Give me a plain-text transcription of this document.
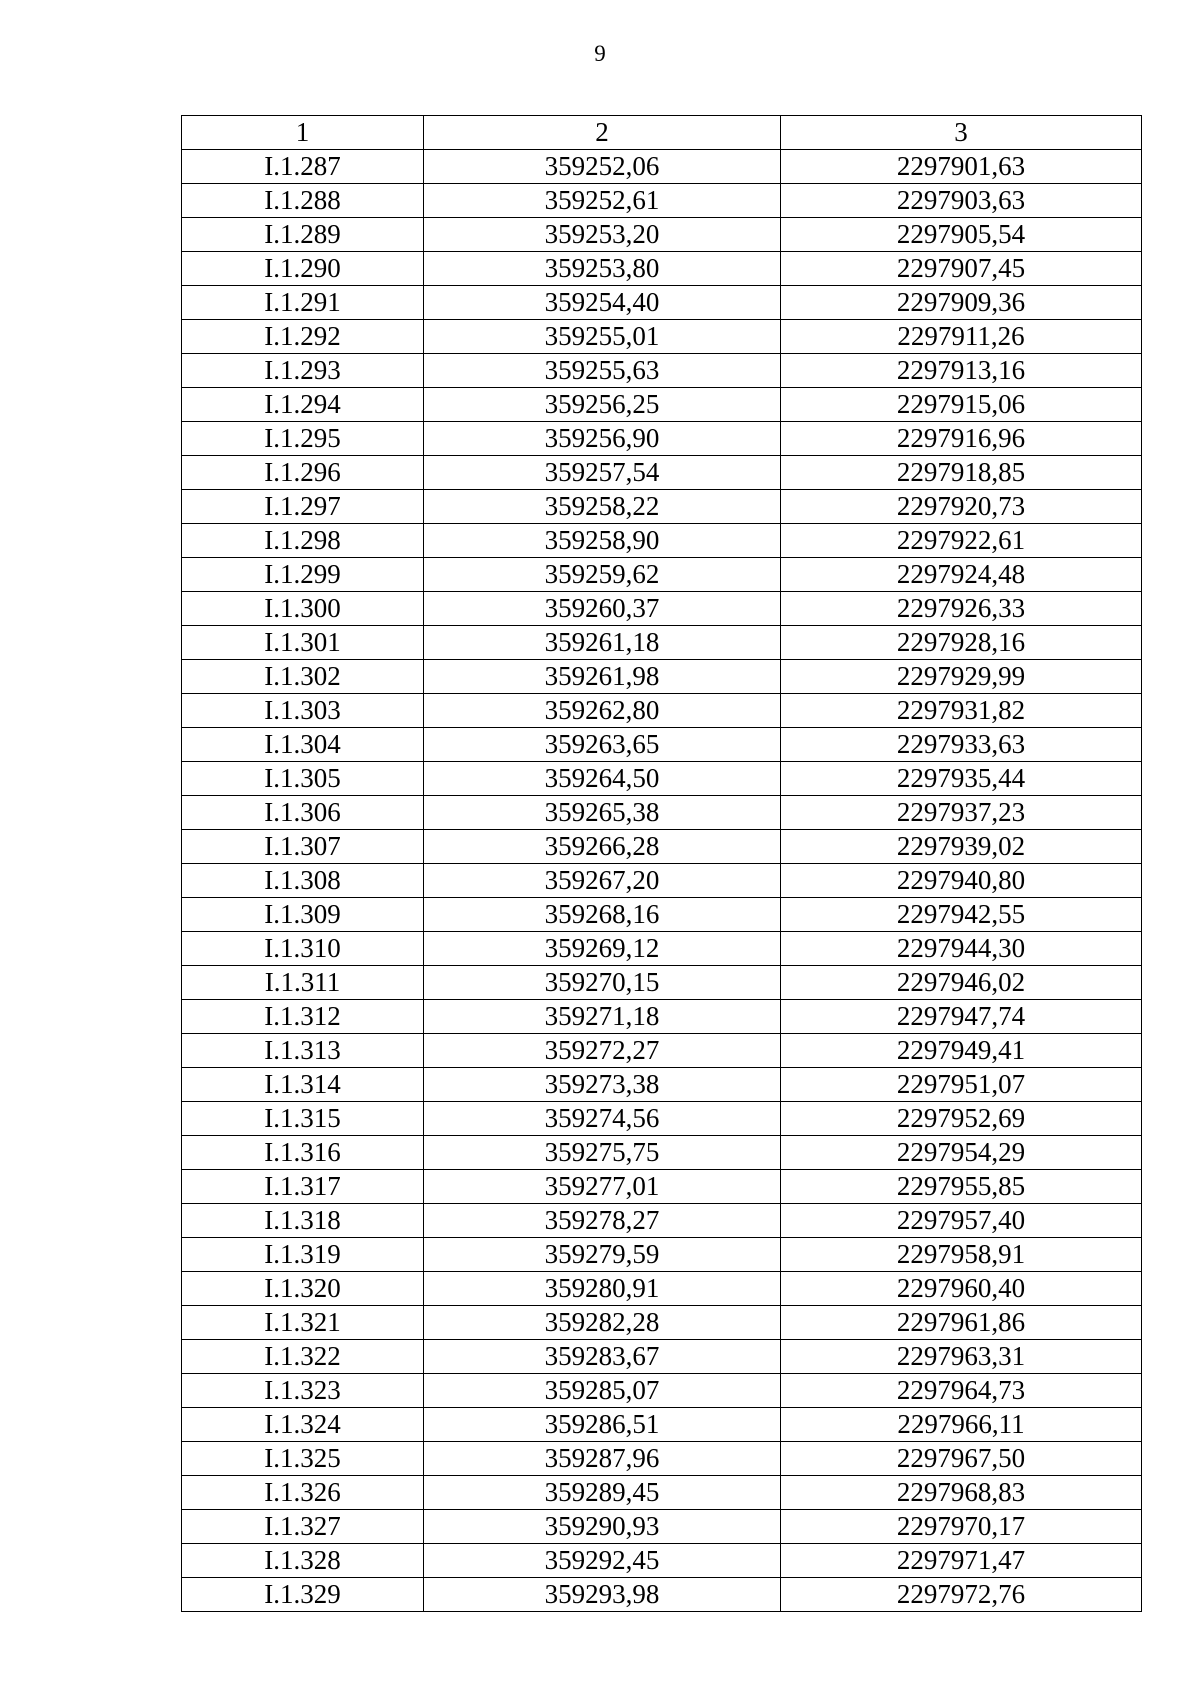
9
1	2	3
I.1.287	359252,06	2297901,63
I.1.288	359252,61	2297903,63
I.1.289	359253,20	2297905,54
I.1.290	359253,80	2297907,45
I.1.291	359254,40	2297909,36
I.1.292	359255,01	2297911,26
I.1.293	359255,63	2297913,16
I.1.294	359256,25	2297915,06
I.1.295	359256,90	2297916,96
I.1.296	359257,54	2297918,85
I.1.297	359258,22	2297920,73
I.1.298	359258,90	2297922,61
I.1.299	359259,62	2297924,48
I.1.300	359260,37	2297926,33
I.1.301	359261,18	2297928,16
I.1.302	359261,98	2297929,99
I.1.303	359262,80	2297931,82
I.1.304	359263,65	2297933,63
I.1.305	359264,50	2297935,44
I.1.306	359265,38	2297937,23
I.1.307	359266,28	2297939,02
I.1.308	359267,20	2297940,80
I.1.309	359268,16	2297942,55
I.1.310	359269,12	2297944,30
I.1.311	359270,15	2297946,02
I.1.312	359271,18	2297947,74
I.1.313	359272,27	2297949,41
I.1.314	359273,38	2297951,07
I.1.315	359274,56	2297952,69
I.1.316	359275,75	2297954,29
I.1.317	359277,01	2297955,85
I.1.318	359278,27	2297957,40
I.1.319	359279,59	2297958,91
I.1.320	359280,91	2297960,40
I.1.321	359282,28	2297961,86
I.1.322	359283,67	2297963,31
I.1.323	359285,07	2297964,73
I.1.324	359286,51	2297966,11
I.1.325	359287,96	2297967,50
I.1.326	359289,45	2297968,83
I.1.327	359290,93	2297970,17
I.1.328	359292,45	2297971,47
I.1.329	359293,98	2297972,76
